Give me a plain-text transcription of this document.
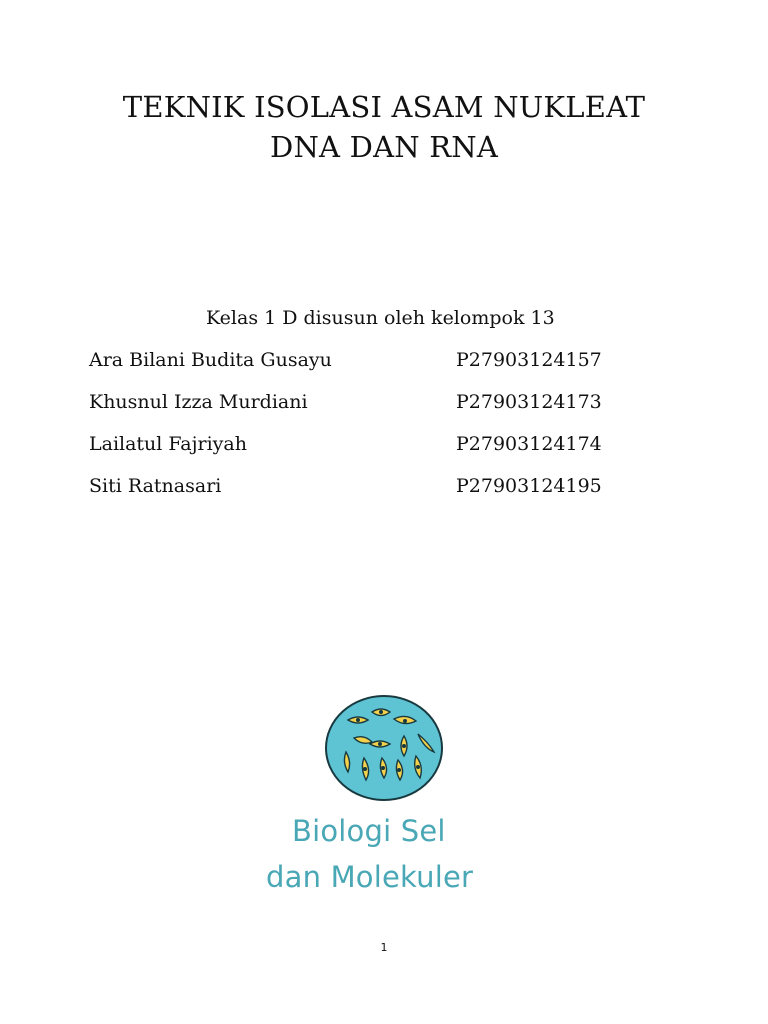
TEKNIK ISOLASI ASAM NUKLEAT
DNA DAN RNA
Kelas 1 D disusun oleh kelompok 13
Ara Bilani Budita Gusayu	P27903124157
Khusnul Izza Murdiani	P27903124173
Lailatul Fajriyah	P27903124174
Siti Ratnasari	P27903124195
Biologi Sel
dan Molekuler
1
